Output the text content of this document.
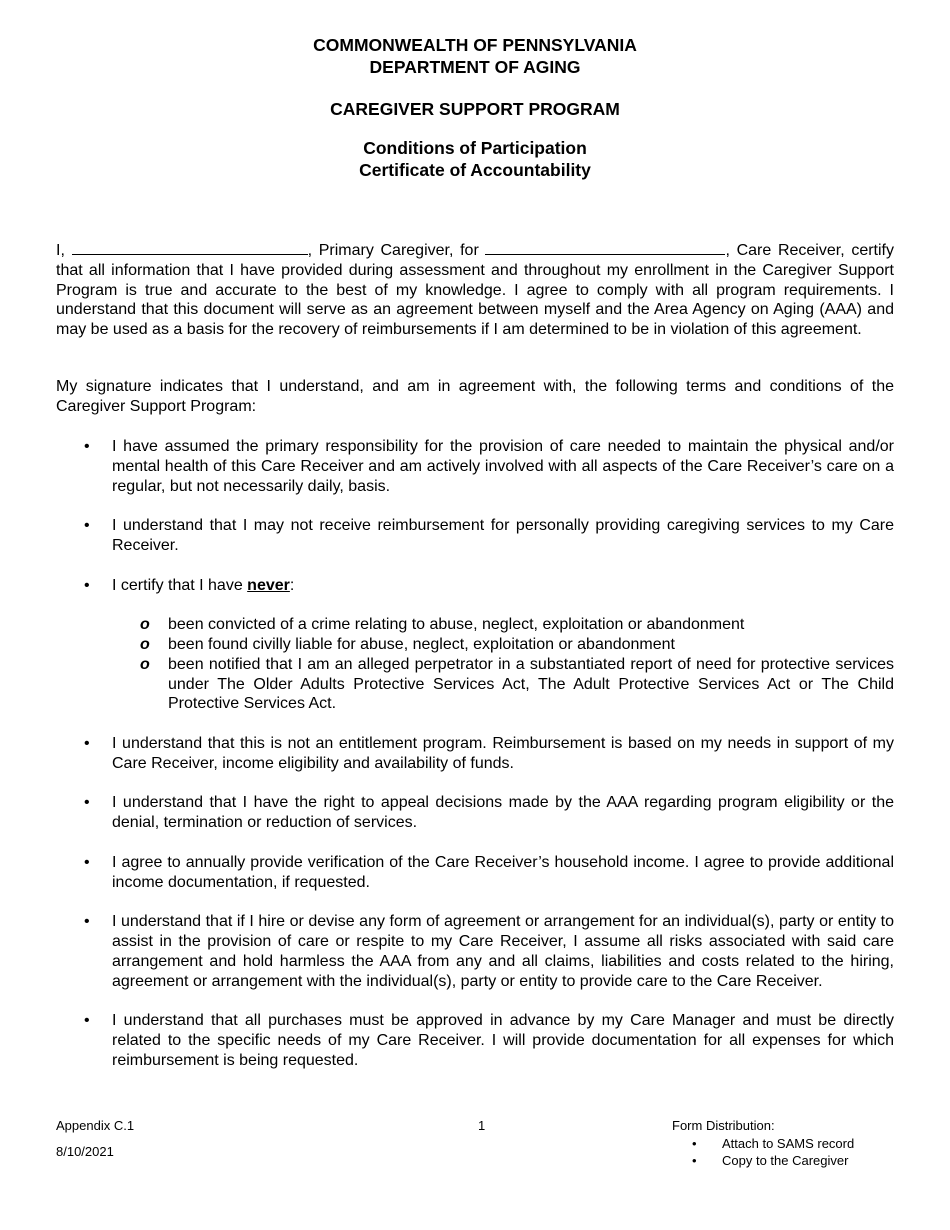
COMMONWEALTH OF PENNSYLVANIA
DEPARTMENT OF AGING
CAREGIVER SUPPORT PROGRAM
Conditions of Participation
Certificate of Accountability
I,	, Primary Caregiver, for	, Care Receiver, certify that all information that I have provided during assessment and throughout my enrollment in the Caregiver Support Program is true and accurate to the best of my knowledge. I agree to comply with all program requirements. I understand that this document will serve as an agreement between myself and the Area Agency on Aging (AAA) and may be used as a basis for the recovery of reimbursements if I am determined to be in violation of this agreement.
My signature indicates that I understand, and am in agreement with, the following terms and conditions of the Caregiver Support Program:
• I have assumed the primary responsibility for the provision of care needed to maintain the physical and/or mental health of this Care Receiver and am actively involved with all aspects of the Care Receiver’s care on a regular, but not necessarily daily, basis.
• I understand that I may not receive reimbursement for personally providing caregiving services to my Care Receiver.
• I certify that I have never:
o been convicted of a crime relating to abuse, neglect, exploitation or abandonment
o been found civilly liable for abuse, neglect, exploitation or abandonment
o been notified that I am an alleged perpetrator in a substantiated report of need for protective services under The Older Adults Protective Services Act, The Adult Protective Services Act or The Child Protective Services Act.
• I understand that this is not an entitlement program. Reimbursement is based on my needs in support of my Care Receiver, income eligibility and availability of funds.
• I understand that I have the right to appeal decisions made by the AAA regarding program eligibility or the denial, termination or reduction of services.
• I agree to annually provide verification of the Care Receiver’s household income. I agree to provide additional income documentation, if requested.
• I understand that if I hire or devise any form of agreement or arrangement for an individual(s), party or entity to assist in the provision of care or respite to my Care Receiver, I assume all risks associated with said care arrangement and hold harmless the AAA from any and all claims, liabilities and costs related to the hiring, agreement or arrangement with the individual(s), party or entity to provide care to the Care Receiver.
• I understand that all purchases must be approved in advance by my Care Manager and must be directly related to the specific needs of my Care Receiver. I will provide documentation for all expenses for which reimbursement is being requested.
Appendix C.1
8/10/2021
1	Form Distribution:
• Attach to SAMS record
• Copy to the Caregiver
